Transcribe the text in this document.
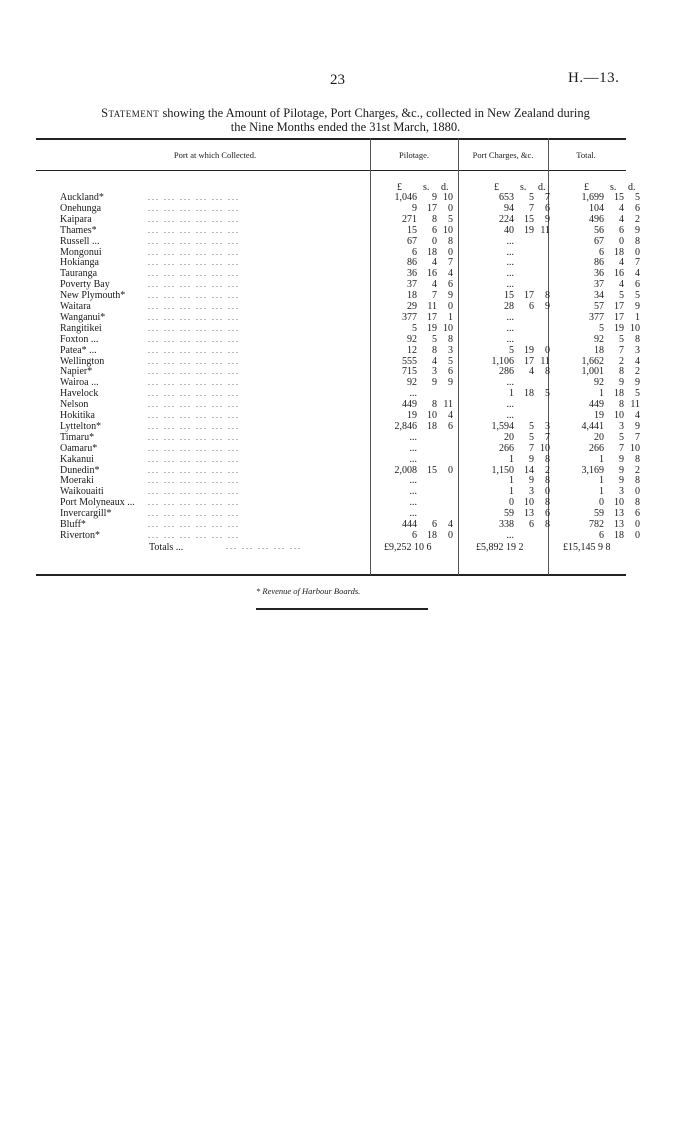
23	H.—13.
Statement showing the Amount of Pilotage, Port Charges, &c., collected in New Zealand during
the Nine Months ended the 31st March, 1880.
Port at which Collected.	Pilotage.	Port Charges, &c.	Total.
£ s. d.	£ s. d.	£ s. d.
Auckland*	... ... ... ... ... ...	1,046	9 10	653	5	7	1,699	15	5
Onehunga	... ... ... ... ... ...	9	17	0	94	7	6	104	4	6
Kaipara	... ... ... ... ... ...	271	8	5	224	15	9	496	4	2
Thames*	... ... ... ... ... ...	15	6 10	40	19 11	56	6	9
Russell ...	... ... ... ... ... ...	67	0	8	...	67	0	8
Mongonui	... ... ... ... ... ...	6	18	0	...	6	18	0
Hokianga	... ... ... ... ... ...	86	4	7	...	86	4	7
Tauranga	... ... ... ... ... ...	36	16	4	...	36	16	4
Poverty Bay	... ... ... ... ... ...	37	4	6	...	37	4	6
New Plymouth*	... ... ... ... ... ...	18	7	9	15	17	8	34	5	5
Waitara	... ... ... ... ... ...	29	11	0	28	6	9	57	17	9
Wanganui*	... ... ... ... ... ...	377	17	1	...	377	17	1
Rangitikei	... ... ... ... ... ...	5	19 10	...	5	19 10
Foxton ...	... ... ... ... ... ...	92	5	8	...	92	5	8
Patea* ...	... ... ... ... ... ...	12	8	3	5	19	0	18	7	3
Wellington	... ... ... ... ... ...	555	4	5	1,106	17 11	1,662	2	4
Napier*	... ... ... ... ... ...	715	3	6	286	4	8	1,001	8	2
Wairoa ...	... ... ... ... ... ...	92	9	9	...	92	9	9
Havelock	... ... ... ... ... ...	...	1	18	5	1	18	5
Nelson	... ... ... ... ... ...	449	8 11	...	449	8 11
Hokitika	... ... ... ... ... ...	19	10	4	...	19	10	4
Lyttelton*	... ... ... ... ... ...	2,846	18	6	1,594	5	3	4,441	3	9
Timaru*	... ... ... ... ... ...	...	20	5	7	20	5	7
Oamaru*	... ... ... ... ... ...	...	266	7 10	266	7 10
Kakanui	... ... ... ... ... ...	...	1	9	8	1	9	8
Dunedin*	... ... ... ... ... ...	2,008	15	0	1,150	14	2	3,169	9	2
Moeraki	... ... ... ... ... ...	...	1	9	8	1	9	8
Waikouaiti	... ... ... ... ... ...	...	1	3	0	1	3	0
Port Molyneaux ... ... ... ... ... ... ...	...	0	10	8	0	10	8
Invercargill*	... ... ... ... ... ...	...	59	13	6	59	13	6
Bluff*	... ... ... ... ... ...	444	6	4	338	6	8	782	13	0
Riverton*	... ... ... ... ... ...	6	18	0	...	6	18	0
Totals ...	... ... ... ... ...	£9,252 10 6	£5,892 19 2	£15,145 9 8
* Revenue of Harbour Boards.
